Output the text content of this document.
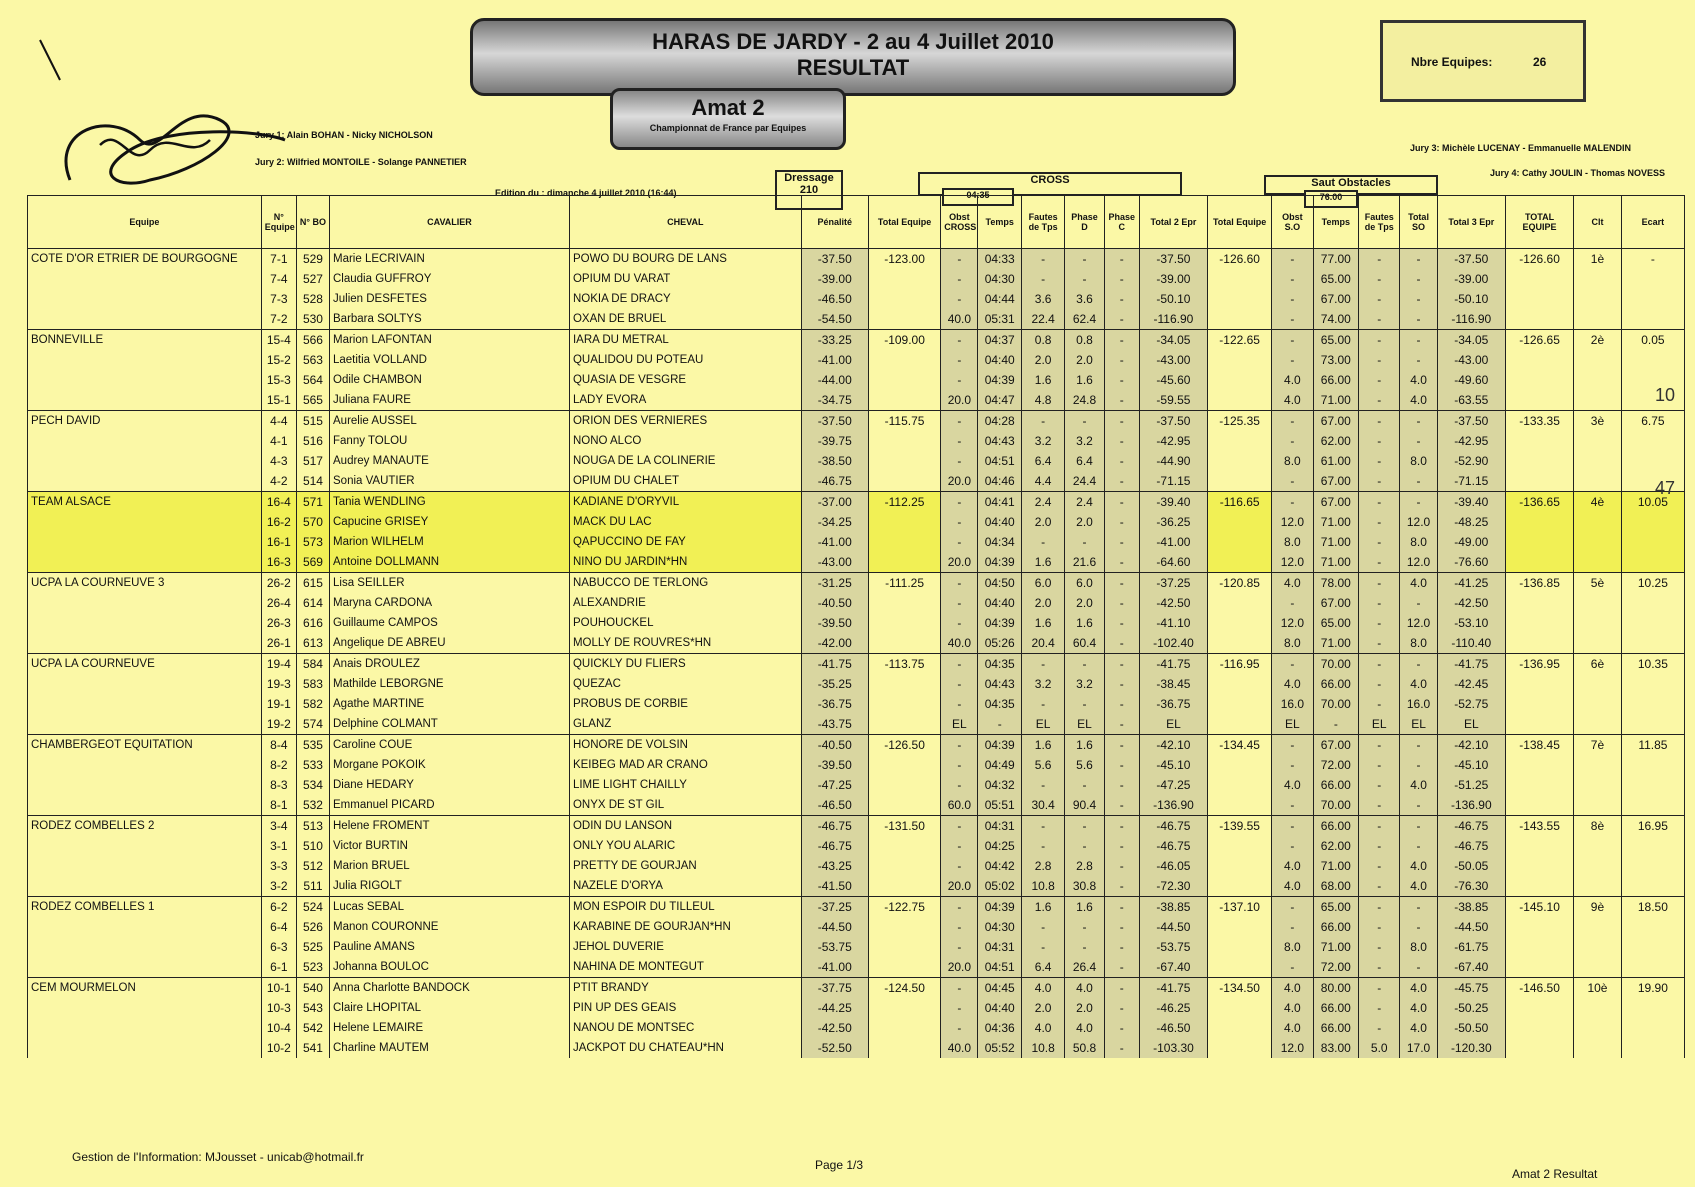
HARAS DE JARDY - 2 au 4 Juillet 2010
RESULTAT
Amat 2
Championnat de France par Equipes
Nbre Equipes:	26
Jury 1: Alain BOHAN - Nicky NICHOLSON
Jury 2: Wilfried MONTOILE - Solange PANNETIER
Jury 3: Michèle LUCENAY - Emmanuelle MALENDIN
Jury 4: Cathy JOULIN - Thomas NOVESS
Edition du : dimanche 4 juillet 2010 (16:44)
Dressage
210
CROSS
04:35
Saut Obstacles
76.00
Equipe	N° Equipe	N° BO	CAVALIER	CHEVAL	Pénalité	Total Equipe	Obst CROSS	Temps	Fautes de Tps	Phase D	Phase C	Total 2 Epr	Total Equipe	Obst S.O	Temps	Fautes de Tps	Total SO	Total 3 Epr	TOTAL EQUIPE	Clt	Ecart
COTE D'OR ETRIER DE BOURGOGNE	7-1	529	Marie LECRIVAIN	POWO DU BOURG DE LANS	-37.50	-123.00	-	04:33	-	-	-	-37.50	-126.60	-	77.00	-	-	-37.50	-126.60	1è	-
	7-4	527	Claudia GUFFROY	OPIUM DU VARAT	-39.00		-	04:30	-	-	-	-39.00		-	65.00	-	-	-39.00			
	7-3	528	Julien DESFETES	NOKIA DE DRACY	-46.50		-	04:44	3.6	3.6	-	-50.10		-	67.00	-	-	-50.10			
	7-2	530	Barbara SOLTYS	OXAN DE BRUEL	-54.50		40.0	05:31	22.4	62.4	-	-116.90		-	74.00	-	-	-116.90			
BONNEVILLE	15-4	566	Marion LAFONTAN	IARA DU METRAL	-33.25	-109.00	-	04:37	0.8	0.8	-	-34.05	-122.65	-	65.00	-	-	-34.05	-126.65	2è	0.05
	15-2	563	Laetitia VOLLAND	QUALIDOU DU POTEAU	-41.00		-	04:40	2.0	2.0	-	-43.00		-	73.00	-	-	-43.00			
	15-3	564	Odile CHAMBON	QUASIA DE VESGRE	-44.00		-	04:39	1.6	1.6	-	-45.60		4.0	66.00	-	4.0	-49.60			
	15-1	565	Juliana FAURE	LADY EVORA	-34.75		20.0	04:47	4.8	24.8	-	-59.55		4.0	71.00	-	4.0	-63.55			
PECH DAVID	4-4	515	Aurelie AUSSEL	ORION DES VERNIERES	-37.50	-115.75	-	04:28	-	-	-	-37.50	-125.35	-	67.00	-	-	-37.50	-133.35	3è	6.75
	4-1	516	Fanny TOLOU	NONO ALCO	-39.75		-	04:43	3.2	3.2	-	-42.95		-	62.00	-	-	-42.95			
	4-3	517	Audrey MANAUTE	NOUGA DE LA COLINERIE	-38.50		-	04:51	6.4	6.4	-	-44.90		8.0	61.00	-	8.0	-52.90			
	4-2	514	Sonia VAUTIER	OPIUM DU CHALET	-46.75		20.0	04:46	4.4	24.4	-	-71.15		-	67.00	-	-	-71.15			
TEAM ALSACE	16-4	571	Tania WENDLING	KADIANE D'ORYVIL	-37.00	-112.25	-	04:41	2.4	2.4	-	-39.40	-116.65	-	67.00	-	-	-39.40	-136.65	4è	10.05
	16-2	570	Capucine GRISEY	MACK DU LAC	-34.25		-	04:40	2.0	2.0	-	-36.25		12.0	71.00	-	12.0	-48.25			
	16-1	573	Marion WILHELM	QAPUCCINO DE FAY	-41.00		-	04:34	-	-	-	-41.00		8.0	71.00	-	8.0	-49.00			
	16-3	569	Antoine DOLLMANN	NINO DU JARDIN*HN	-43.00		20.0	04:39	1.6	21.6	-	-64.60		12.0	71.00	-	12.0	-76.60			
UCPA LA COURNEUVE 3	26-2	615	Lisa SEILLER	NABUCCO DE TERLONG	-31.25	-111.25	-	04:50	6.0	6.0	-	-37.25	-120.85	4.0	78.00	-	4.0	-41.25	-136.85	5è	10.25
	26-4	614	Maryna CARDONA	ALEXANDRIE	-40.50		-	04:40	2.0	2.0	-	-42.50		-	67.00	-	-	-42.50			
	26-3	616	Guillaume CAMPOS	POUHOUCKEL	-39.50		-	04:39	1.6	1.6	-	-41.10		12.0	65.00	-	12.0	-53.10			
	26-1	613	Angelique DE ABREU	MOLLY DE ROUVRES*HN	-42.00		40.0	05:26	20.4	60.4	-	-102.40		8.0	71.00	-	8.0	-110.40			
UCPA LA COURNEUVE	19-4	584	Anais DROULEZ	QUICKLY DU FLIERS	-41.75	-113.75	-	04:35	-	-	-	-41.75	-116.95	-	70.00	-	-	-41.75	-136.95	6è	10.35
	19-3	583	Mathilde LEBORGNE	QUEZAC	-35.25		-	04:43	3.2	3.2	-	-38.45		4.0	66.00	-	4.0	-42.45			
	19-1	582	Agathe MARTINE	PROBUS DE CORBIE	-36.75		-	04:35	-	-	-	-36.75		16.0	70.00	-	16.0	-52.75			
	19-2	574	Delphine COLMANT	GLANZ	-43.75		EL	-	EL	EL	-	EL		EL	-	EL	EL	EL			
CHAMBERGEOT EQUITATION	8-4	535	Caroline COUE	HONORE DE VOLSIN	-40.50	-126.50	-	04:39	1.6	1.6	-	-42.10	-134.45	-	67.00	-	-	-42.10	-138.45	7è	11.85
	8-2	533	Morgane POKOIK	KEIBEG MAD AR CRANO	-39.50		-	04:49	5.6	5.6	-	-45.10		-	72.00	-	-	-45.10			
	8-3	534	Diane HEDARY	LIME LIGHT CHAILLY	-47.25		-	04:32	-	-	-	-47.25		4.0	66.00	-	4.0	-51.25			
	8-1	532	Emmanuel PICARD	ONYX DE ST GIL	-46.50		60.0	05:51	30.4	90.4	-	-136.90		-	70.00	-	-	-136.90			
RODEZ COMBELLES 2	3-4	513	Helene FROMENT	ODIN DU LANSON	-46.75	-131.50	-	04:31	-	-	-	-46.75	-139.55	-	66.00	-	-	-46.75	-143.55	8è	16.95
	3-1	510	Victor BURTIN	ONLY YOU ALARIC	-46.75		-	04:25	-	-	-	-46.75		-	62.00	-	-	-46.75			
	3-3	512	Marion BRUEL	PRETTY DE GOURJAN	-43.25		-	04:42	2.8	2.8	-	-46.05		4.0	71.00	-	4.0	-50.05			
	3-2	511	Julia RIGOLT	NAZELE D'ORYA	-41.50		20.0	05:02	10.8	30.8	-	-72.30		4.0	68.00	-	4.0	-76.30			
RODEZ COMBELLES 1	6-2	524	Lucas SEBAL	MON ESPOIR DU TILLEUL	-37.25	-122.75	-	04:39	1.6	1.6	-	-38.85	-137.10	-	65.00	-	-	-38.85	-145.10	9è	18.50
	6-4	526	Manon COURONNE	KARABINE DE GOURJAN*HN	-44.50		-	04:30	-	-	-	-44.50		-	66.00	-	-	-44.50			
	6-3	525	Pauline AMANS	JEHOL DUVERIE	-53.75		-	04:31	-	-	-	-53.75		8.0	71.00	-	8.0	-61.75			
	6-1	523	Johanna BOULOC	NAHINA DE MONTEGUT	-41.00		20.0	04:51	6.4	26.4	-	-67.40		-	72.00	-	-	-67.40			
CEM MOURMELON	10-1	540	Anna Charlotte BANDOCK	PTIT BRANDY	-37.75	-124.50	-	04:45	4.0	4.0	-	-41.75	-134.50	4.0	80.00	-	4.0	-45.75	-146.50	10è	19.90
	10-3	543	Claire LHOPITAL	PIN UP DES GEAIS	-44.25		-	04:40	2.0	2.0	-	-46.25		4.0	66.00	-	4.0	-50.25			
	10-4	542	Helene LEMAIRE	NANOU DE MONTSEC	-42.50		-	04:36	4.0	4.0	-	-46.50		4.0	66.00	-	4.0	-50.50			
	10-2	541	Charline MAUTEM	JACKPOT DU CHATEAU*HN	-52.50		40.0	05:52	10.8	50.8	-	-103.30		12.0	83.00	5.0	17.0	-120.30			
10
47
Gestion de l'Information: MJousset - unicab@hotmail.fr
Page 1/3
Amat 2 Resultat
